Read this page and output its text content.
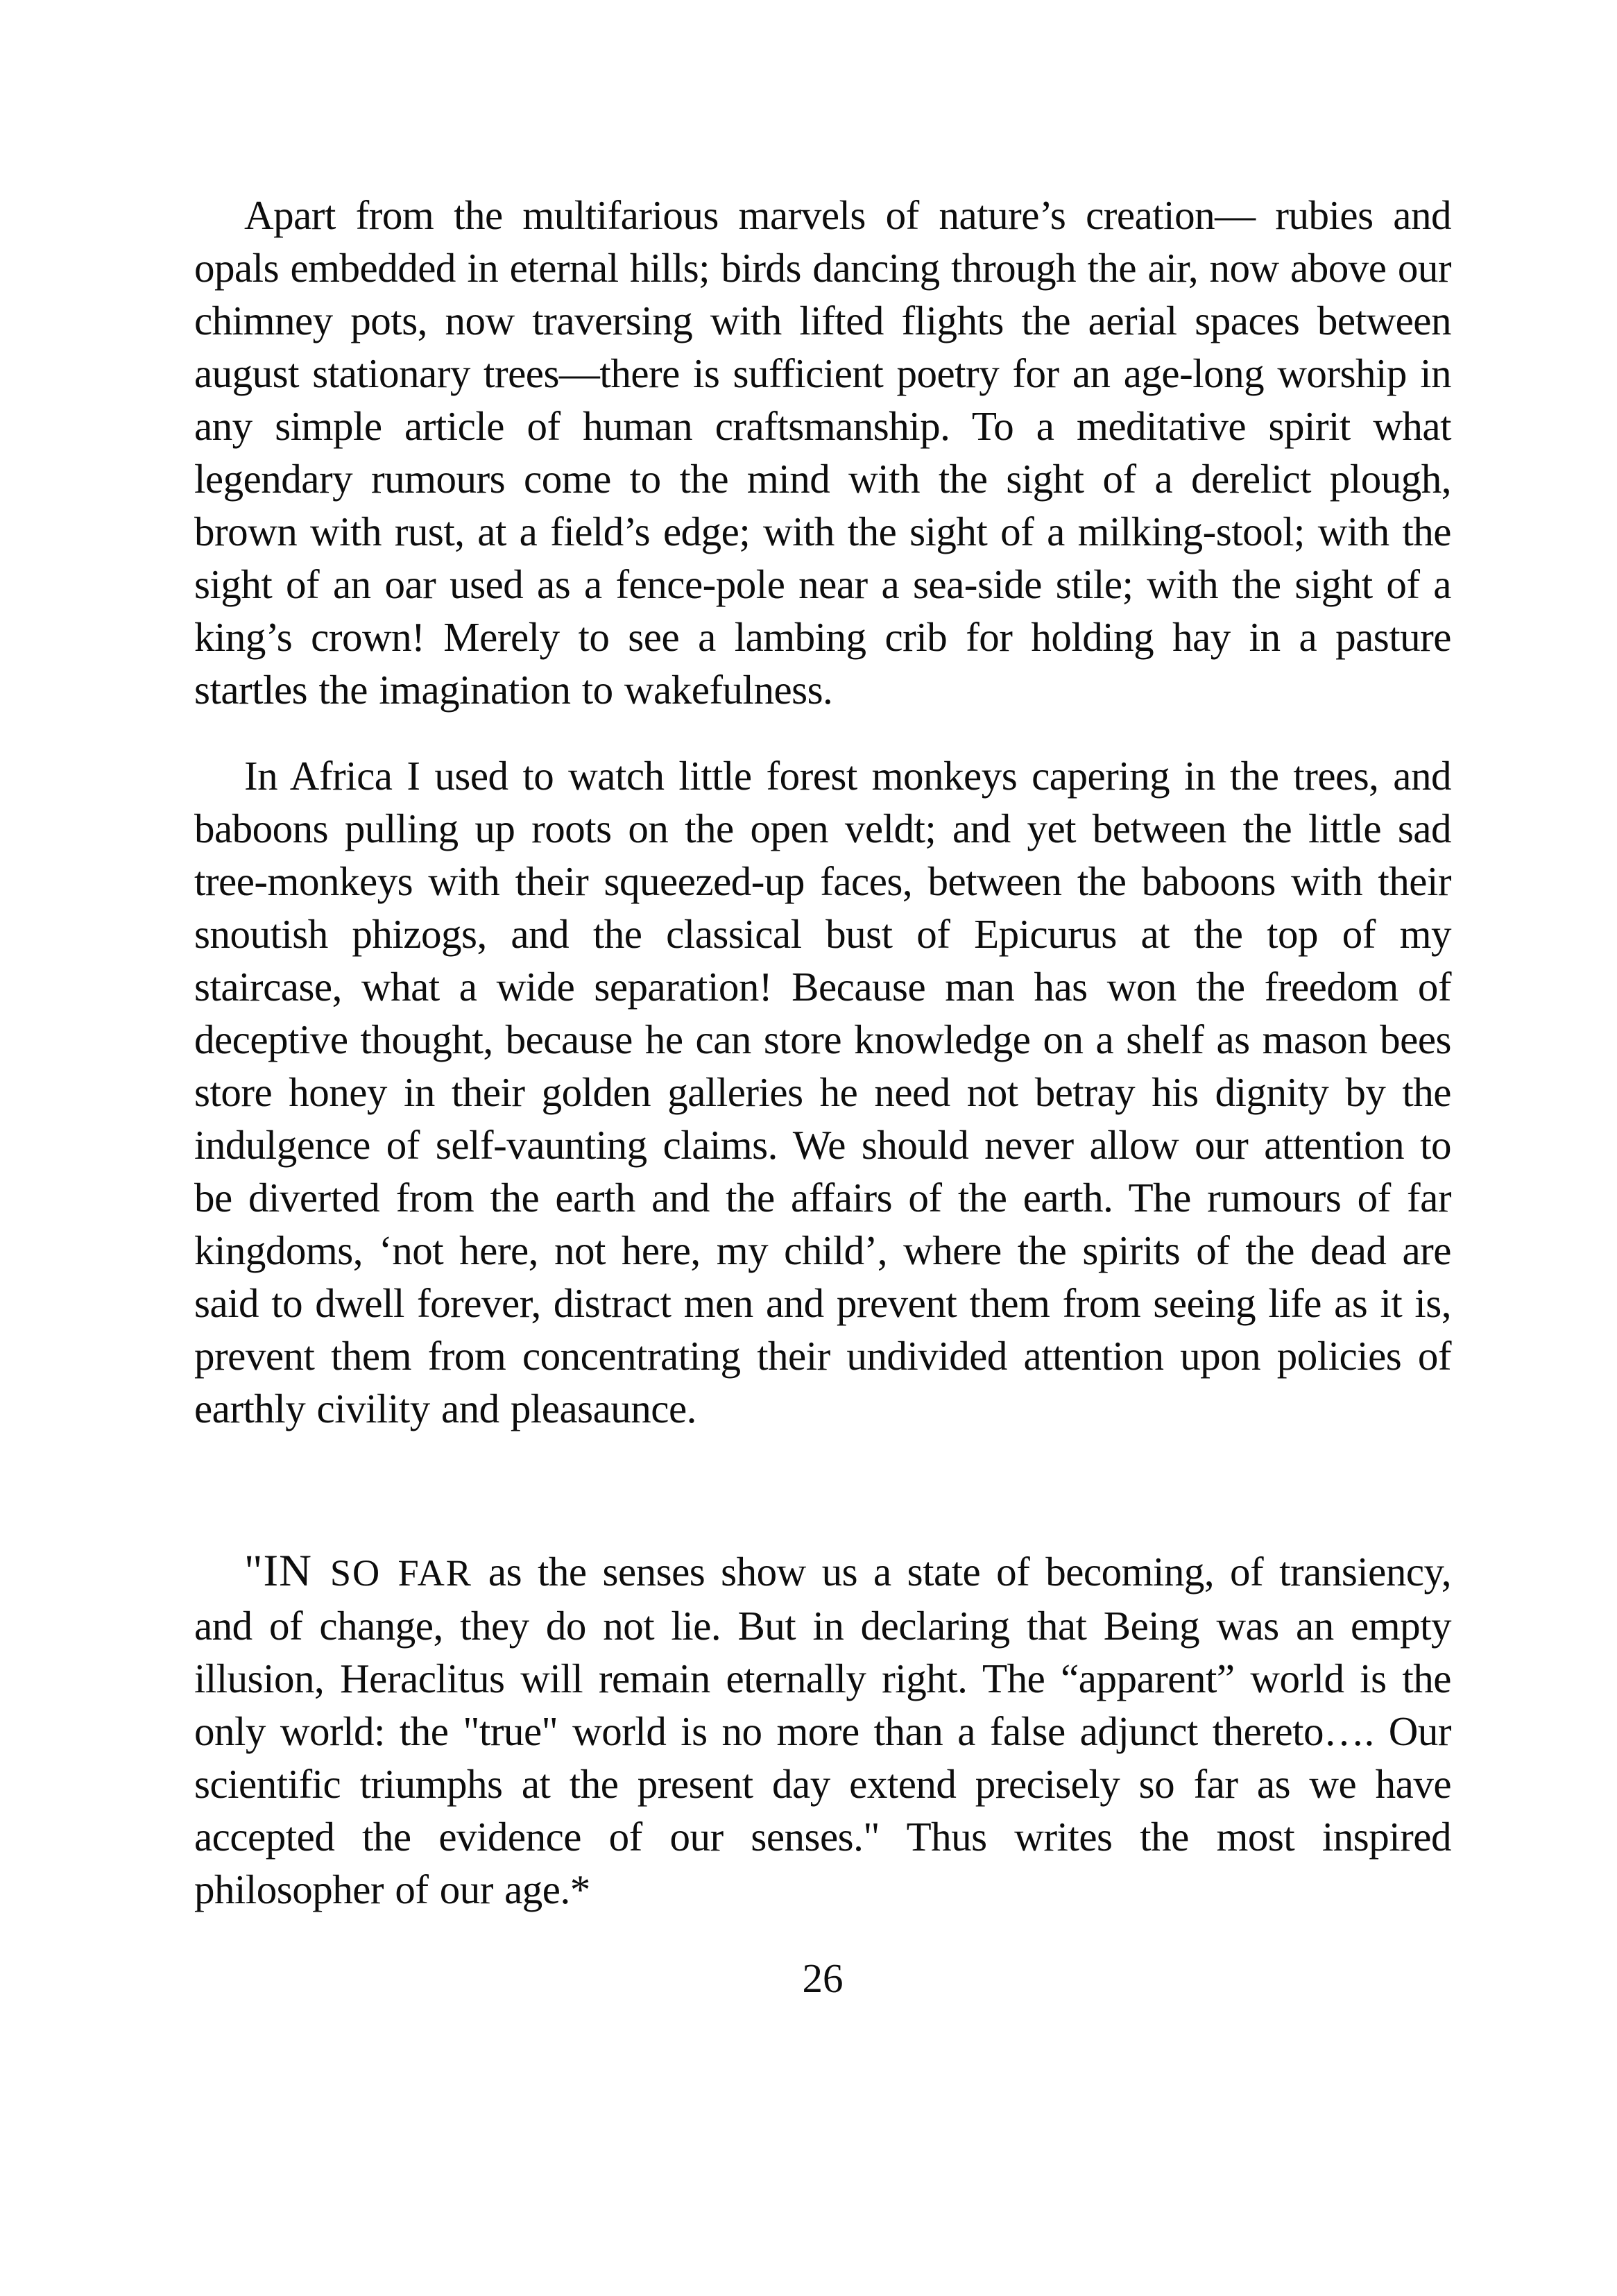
Apart from the multifarious marvels of nature’s creation— rubies and opals embedded in eternal hills; birds dancing through the air, now above our chimney pots, now traversing with lifted flights the aerial spaces between august stationary trees—there is sufficient poetry for an age-long worship in any simple article of human craftsmanship. To a meditative spirit what legendary rumours come to the mind with the sight of a derelict plough, brown with rust, at a field’s edge; with the sight of a milking-stool; with the sight of an oar used as a fence-pole near a sea-side stile; with the sight of a king’s crown! Merely to see a lambing crib for holding hay in a pasture startles the imagination to wakefulness.

In Africa I used to watch little forest monkeys capering in the trees, and baboons pulling up roots on the open veldt; and yet between the little sad tree-monkeys with their squeezed-up faces, between the baboons with their snoutish phizogs, and the classical bust of Epicurus at the top of my staircase, what a wide separation! Because man has won the freedom of deceptive thought, because he can store knowledge on a shelf as mason bees store honey in their golden galleries he need not betray his dignity by the indulgence of self-vaunting claims. We should never allow our attention to be diverted from the earth and the affairs of the earth. The rumours of far kingdoms, ‘not here, not here, my child’, where the spirits of the dead are said to dwell forever, distract men and prevent them from seeing life as it is, prevent them from concentrating their undivided attention upon policies of earthly civility and pleasaunce.

"IN SO FAR as the senses show us a state of becoming, of transiency, and of change, they do not lie. But in declaring that Being was an empty illusion, Heraclitus will remain eternally right. The “apparent” world is the only world: the "true" world is no more than a false adjunct thereto…. Our scientific triumphs at the present day extend precisely so far as we have accepted the evidence of our senses." Thus writes the most inspired philosopher of our age.*

26
